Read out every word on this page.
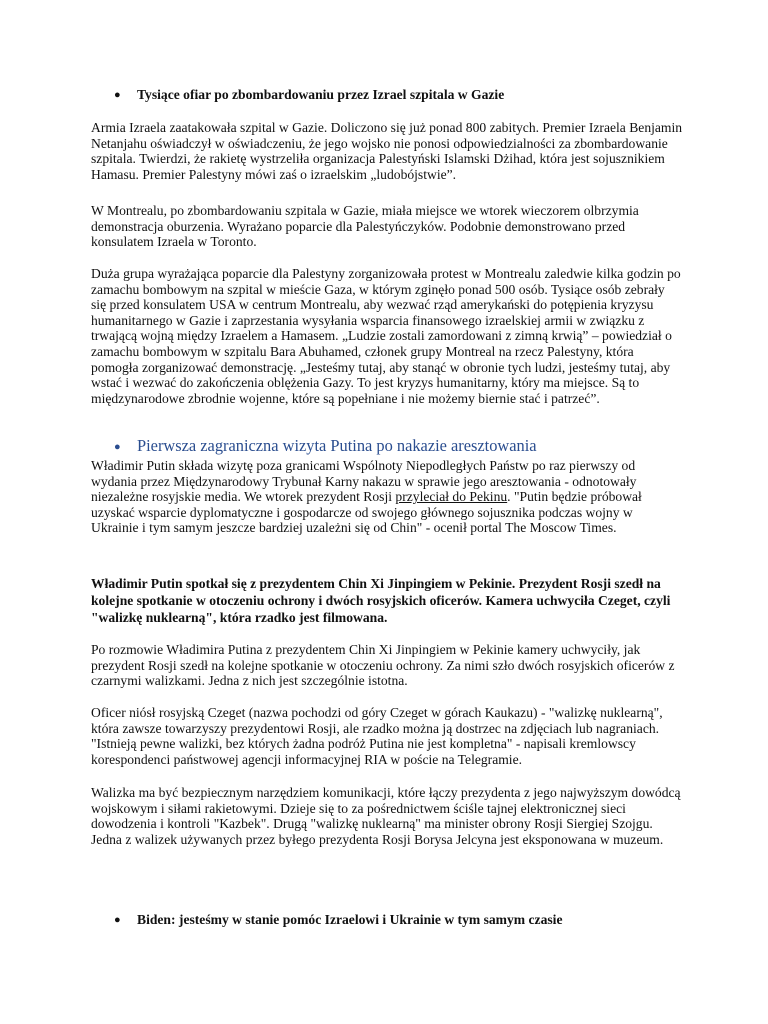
● Tysiące ofiar po zbombardowaniu przez Izrael szpitala w Gazie
Armia Izraela zaatakowała szpital w Gazie. Doliczono się już ponad 800 zabitych. Premier Izraela Benjamin Netanjahu oświadczył w oświadczeniu, że jego wojsko nie ponosi odpowiedzialności za zbombardowanie szpitala. Twierdzi, że rakietę wystrzeliła organizacja Palestyński Islamski Dżihad, która jest sojusznikiem Hamasu. Premier Palestyny mówi zaś o izraelskim „ludobójstwie”.
W Montrealu, po zbombardowaniu szpitala w Gazie, miała miejsce we wtorek wieczorem olbrzymia demonstracja oburzenia. Wyrażano poparcie dla Palestyńczyków. Podobnie demonstrowano przed konsulatem Izraela w Toronto.
Duża grupa wyrażająca poparcie dla Palestyny zorganizowała protest w Montrealu zaledwie kilka godzin po zamachu bombowym na szpital w mieście Gaza, w którym zginęło ponad 500 osób. Tysiące osób zebrały się przed konsulatem USA w centrum Montrealu, aby wezwać rząd amerykański do potępienia kryzysu humanitarnego w Gazie i zaprzestania wysyłania wsparcia finansowego izraelskiej armii w związku z trwającą wojną między Izraelem a Hamasem. „Ludzie zostali zamordowani z zimną krwią” – powiedział o zamachu bombowym w szpitalu Bara Abuhamed, członek grupy Montreal na rzecz Palestyny, która pomogła zorganizować demonstrację. „Jesteśmy tutaj, aby stanąć w obronie tych ludzi, jesteśmy tutaj, aby wstać i wezwać do zakończenia oblężenia Gazy. To jest kryzys humanitarny, który ma miejsce. Są to międzynarodowe zbrodnie wojenne, które są popełniane i nie możemy biernie stać i patrzeć”.
● Pierwsza zagraniczna wizyta Putina po nakazie aresztowania
Władimir Putin składa wizytę poza granicami Wspólnoty Niepodległych Państw po raz pierwszy od wydania przez Międzynarodowy Trybunał Karny nakazu w sprawie jego aresztowania - odnotowały niezależne rosyjskie media. We wtorek prezydent Rosji przyleciał do Pekinu. "Putin będzie próbował uzyskać wsparcie dyplomatyczne i gospodarcze od swojego głównego sojusznika podczas wojny w Ukrainie i tym samym jeszcze bardziej uzależni się od Chin" - ocenił portal The Moscow Times.
Władimir Putin spotkał się z prezydentem Chin Xi Jinpingiem w Pekinie. Prezydent Rosji szedł na kolejne spotkanie w otoczeniu ochrony i dwóch rosyjskich oficerów. Kamera uchwyciła Czeget, czyli "walizkę nuklearną", która rzadko jest filmowana.
Po rozmowie Władimira Putina z prezydentem Chin Xi Jinpingiem w Pekinie kamery uchwyciły, jak prezydent Rosji szedł na kolejne spotkanie w otoczeniu ochrony. Za nimi szło dwóch rosyjskich oficerów z czarnymi walizkami. Jedna z nich jest szczególnie istotna.
Oficer niósł rosyjską Czeget (nazwa pochodzi od góry Czeget w górach Kaukazu) - "walizkę nuklearną", która zawsze towarzyszy prezydentowi Rosji, ale rzadko można ją dostrzec na zdjęciach lub nagraniach. "Istnieją pewne walizki, bez których żadna podróż Putina nie jest kompletna" - napisali kremlowscy korespondenci państwowej agencji informacyjnej RIA w poście na Telegramie.
Walizka ma być bezpiecznym narzędziem komunikacji, które łączy prezydenta z jego najwyższym dowódcą wojskowym i siłami rakietowymi. Dzieje się to za pośrednictwem ściśle tajnej elektronicznej sieci dowodzenia i kontroli "Kazbek". Drugą "walizkę nuklearną" ma minister obrony Rosji Siergiej Szojgu. Jedna z walizek używanych przez byłego prezydenta Rosji Borysa Jelcyna jest eksponowana w muzeum.
● Biden: jesteśmy w stanie pomóc Izraelowi i Ukrainie w tym samym czasie
